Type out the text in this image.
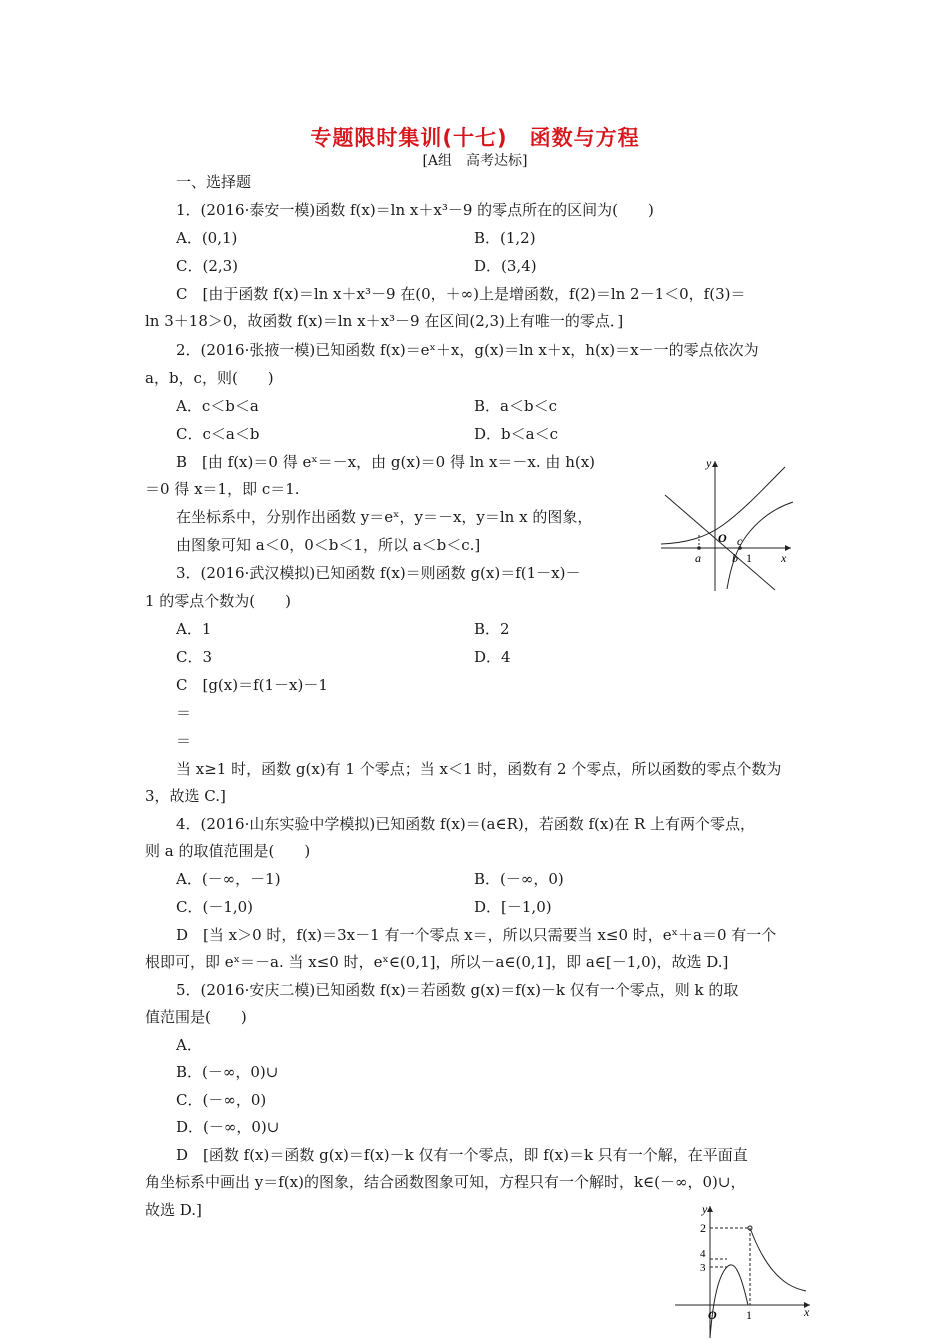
专题限时集训(十七)　函数与方程
[A组　高考达标]
一、选择题
1．(2016·泰安一模)函数 f(x)＝ln x＋x³－9 的零点所在的区间为(　　)
A．(0,1)	B．(1,2)
C．(2,3)	D．(3,4)
C　[由于函数 f(x)＝ln x＋x³－9 在(0，＋∞)上是增函数，f(2)＝ln 2－1＜0，f(3)＝
ln 3＋18＞0，故函数 f(x)＝ln x＋x³－9 在区间(2,3)上有唯一的零点．]
2．(2016·张掖一模)已知函数 f(x)＝eˣ＋x，g(x)＝ln x＋x，h(x)＝x－一的零点依次为
a，b，c，则(　　)
A．c＜b＜a	B．a＜b＜c
C．c＜a＜b	D．b＜a＜c
B　[由 f(x)＝0 得 eˣ＝－x，由 g(x)＝0 得 ln x＝－x. 由 h(x)
＝0 得 x＝1，即 c＝1.
在坐标系中，分别作出函数 y＝eˣ，y＝－x，y＝ln x 的图象，
由图象可知 a＜0，0＜b＜1，所以 a＜b＜c.]
y
x
O
a	b
c
1
3．(2016·武汉模拟)已知函数 f(x)＝则函数 g(x)＝f(1－x)－
1 的零点个数为(　　)
A．1	B．2
C．3	D．4
C　[g(x)＝f(1－x)－1
＝
＝
当 x≥1 时，函数 g(x)有 1 个零点；当 x＜1 时，函数有 2 个零点，所以函数的零点个数为
3，故选 C.]
4．(2016·山东实验中学模拟)已知函数 f(x)＝(a∈R)，若函数 f(x)在 R 上有两个零点，
则 a 的取值范围是(　　)
A．(－∞，－1)	B．(－∞，0)
C．(－1,0)	D．[－1,0)
D　[当 x＞0 时，f(x)＝3x－1 有一个零点 x＝，所以只需要当 x≤0 时，eˣ＋a＝0 有一个
根即可，即 eˣ＝－a. 当 x≤0 时，eˣ∈(0,1]，所以－a∈(0,1]，即 a∈[－1,0)，故选 D.]
5．(2016·安庆二模)已知函数 f(x)＝若函数 g(x)＝f(x)－k 仅有一个零点，则 k 的取
值范围是(　　)
A．
B．(－∞，0)∪
C．(－∞，0)
D．(－∞，0)∪
D　[函数 f(x)＝函数 g(x)＝f(x)－k 仅有一个零点，即 f(x)＝k 只有一个解，在平面直
角坐标系中画出 y＝f(x)的图象，结合函数图象可知，方程只有一个解时，k∈(－∞，0)∪，
故选 D.]	y
x
O 1
2
4
3
